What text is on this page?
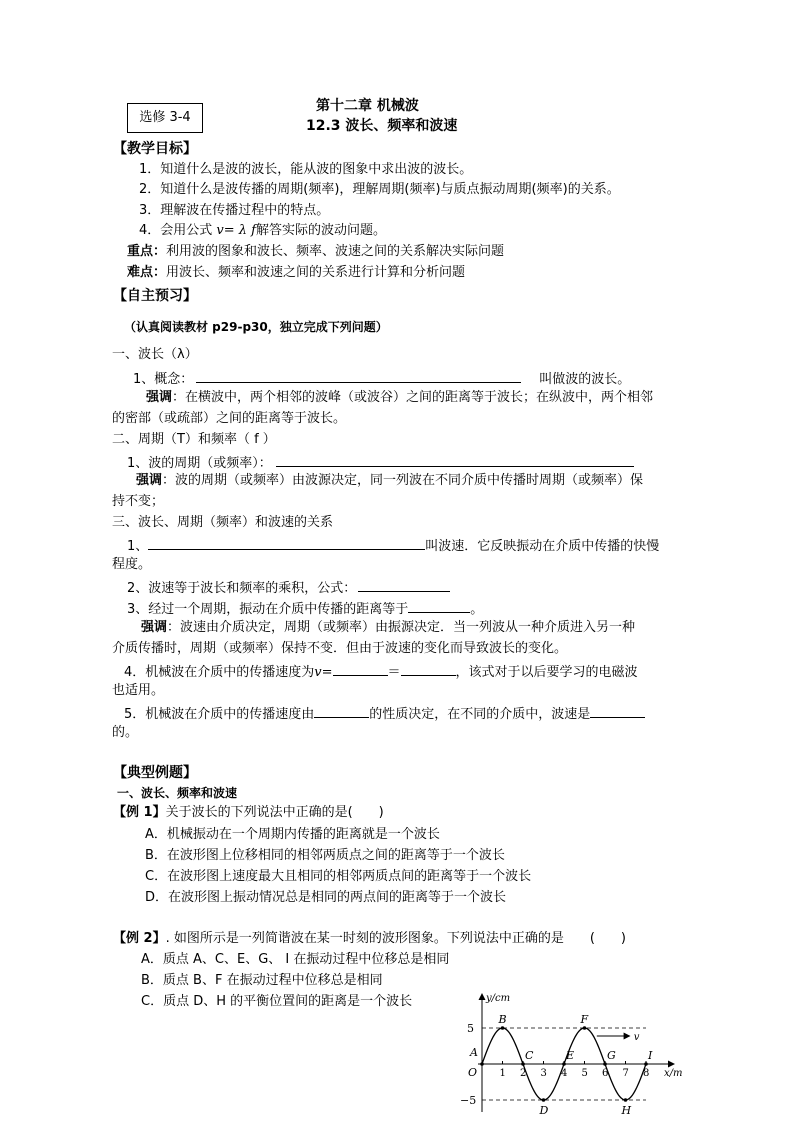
选修 3-4
第十二章 机械波
12.3 波长、频率和波速
【教学目标】
1．知道什么是波的波长，能从波的图象中求出波的波长。
2．知道什么是波传播的周期(频率)，理解周期(频率)与质点振动周期(频率)的关系。
3．理解波在传播过程中的特点。
4．会用公式 v= λ f解答实际的波动问题。
重点：利用波的图象和波长、频率、波速之间的关系解决实际问题
难点：用波长、频率和波速之间的关系进行计算和分析问题
【自主预习】
（认真阅读教材 p29-p30，独立完成下列问题）
一、波长（λ）
1、概念：	叫做波的波长。
强调：在横波中，两个相邻的波峰（或波谷）之间的距离等于波长；在纵波中，两个相邻
的密部（或疏部）之间的距离等于波长。
二、周期（T）和频率（ f ）
1、波的周期（或频率）：
强调：波的周期（或频率）由波源决定，同一列波在不同介质中传播时周期（或频率）保
持不变；
三、波长、周期（频率）和波速的关系
1、	叫波速．它反映振动在介质中传播的快慢
程度。
2、波速等于波长和频率的乘积，公式：
3、经过一个周期，振动在介质中传播的距离等于	。
强调：波速由介质决定，周期（或频率）由振源决定．当一列波从一种介质进入另一种
介质传播时，周期（或频率）保持不变．但由于波速的变化而导致波长的变化。
4．机械波在介质中的传播速度为v=	＝	，该式对于以后要学习的电磁波
也适用。
5．机械波在介质中的传播速度由	的性质决定，在不同的介质中，波速是
的。
【典型例题】
一、波长、频率和波速
【例 1】关于波长的下列说法中正确的是(　　)
A．机械振动在一个周期内传播的距离就是一个波长
B．在波形图上位移相同的相邻两质点之间的距离等于一个波长
C．在波形图上速度最大且相同的相邻两质点间的距离等于一个波长
D．在波形图上振动情况总是相同的两点间的距离等于一个波长
【例 2】. 如图所示是一列简谐波在某一时刻的波形图象。下列说法中正确的是　　(　　)
A．质点 A、C、E、G、 I 在振动过程中位移总是相同
B．质点 B、F 在振动过程中位移总是相同
C．质点 D、H 的平衡位置间的距离是一个波长	y/cm
x/m
O
5
−5
1 2 3 4 5 6 7 8
A
B
C
D
E
F
G
H
I
v
